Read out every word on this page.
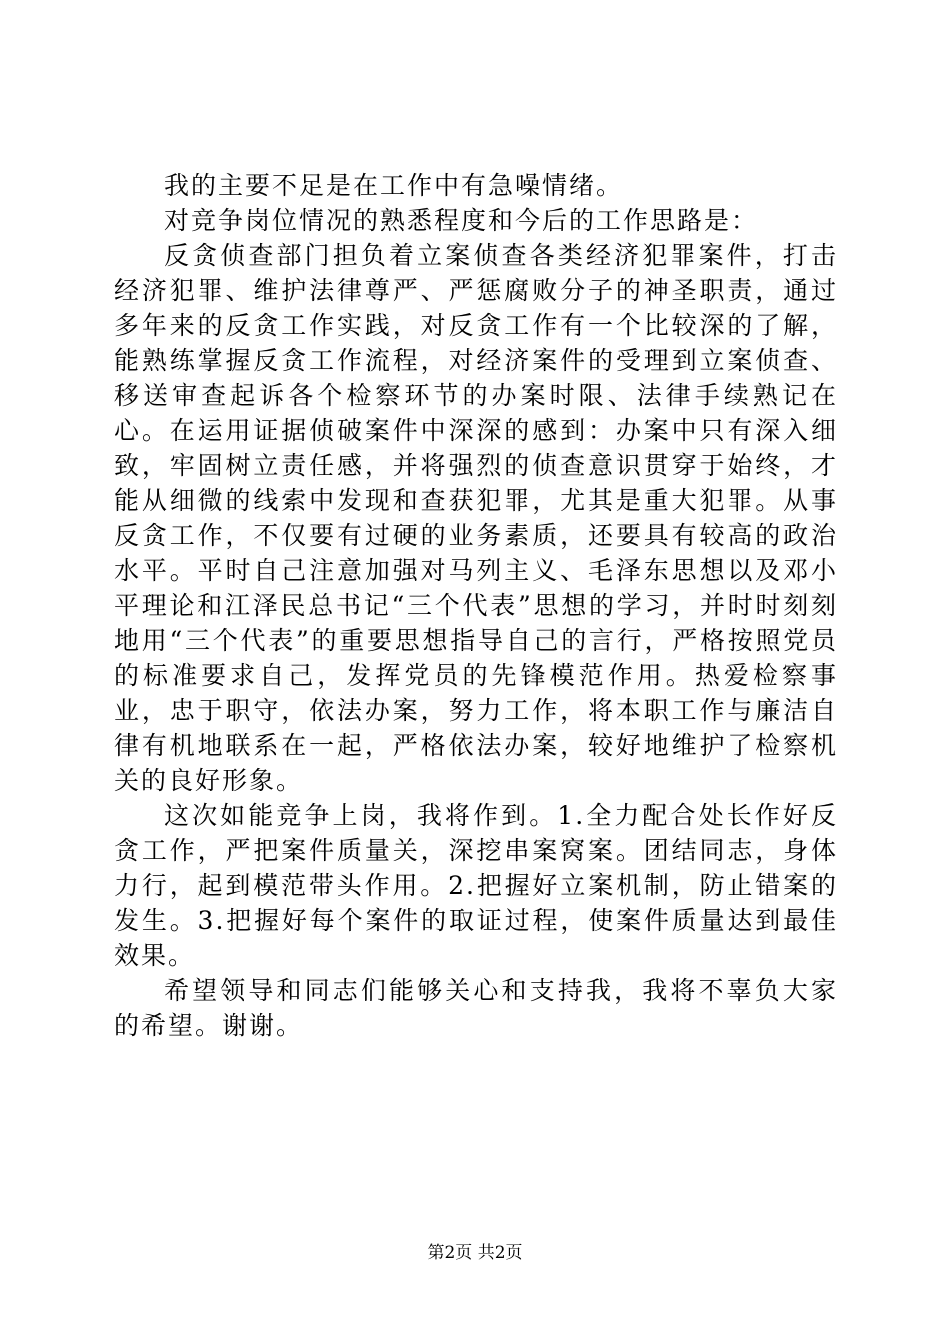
我的主要不足是在工作中有急噪情绪。

对竞争岗位情况的熟悉程度和今后的工作思路是：

反贪侦查部门担负着立案侦查各类经济犯罪案件，打击经济犯罪、维护法律尊严、严惩腐败分子的神圣职责，通过多年来的反贪工作实践，对反贪工作有一个比较深的了解，能熟练掌握反贪工作流程，对经济案件的受理到立案侦查、移送审查起诉各个检察环节的办案时限、法律手续熟记在心。在运用证据侦破案件中深深的感到：办案中只有深入细致，牢固树立责任感，并将强烈的侦查意识贯穿于始终，才能从细微的线索中发现和查获犯罪，尤其是重大犯罪。从事反贪工作，不仅要有过硬的业务素质，还要具有较高的政治水平。平时自己注意加强对马列主义、毛泽东思想以及邓小平理论和江泽民总书记“三个代表”思想的学习，并时时刻刻地用“三个代表”的重要思想指导自己的言行，严格按照党员的标准要求自己，发挥党员的先锋模范作用。热爱检察事业，忠于职守，依法办案，努力工作，将本职工作与廉洁自律有机地联系在一起，严格依法办案，较好地维护了检察机关的良好形象。

这次如能竞争上岗，我将作到。1.全力配合处长作好反贪工作，严把案件质量关，深挖串案窝案。团结同志，身体力行，起到模范带头作用。2.把握好立案机制，防止错案的发生。3.把握好每个案件的取证过程，使案件质量达到最佳效果。

希望领导和同志们能够关心和支持我，我将不辜负大家的希望。谢谢。

第2页 共2页
